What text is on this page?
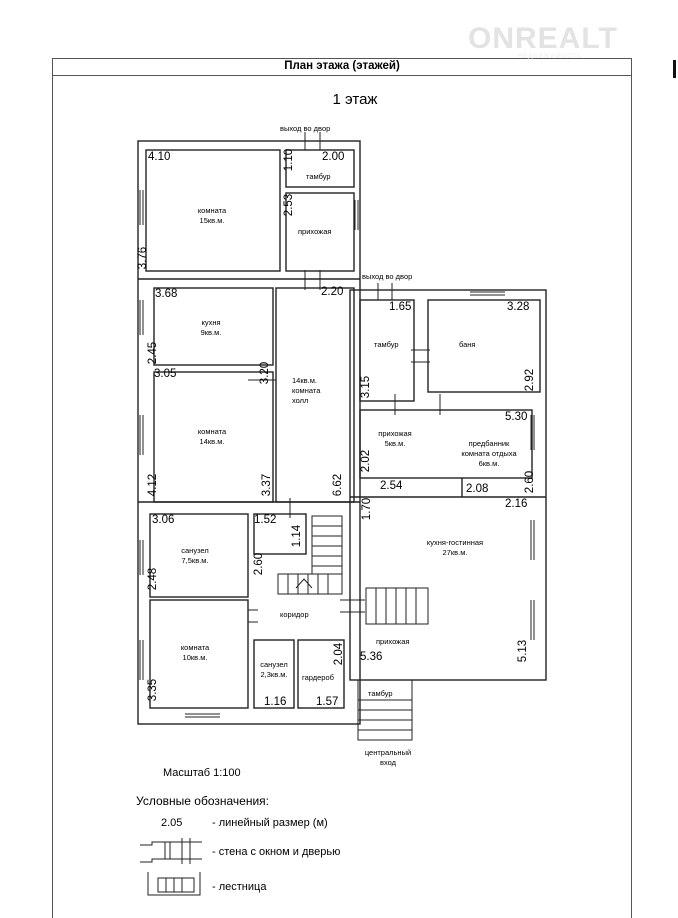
План этажа (этажей)
ONREALT
НЕДВИЖИМОСТЬ
1 этаж
выход во двор
выход во двор
центральный вход
комната
15кв.м.
тамбур
прихожая
кухня
9кв.м.
14кв.м.
комната
холл
комната
14кв.м.
тамбур	баня
прихожая
5кв.м.	предбанник
комната отдыха
6кв.м.
санузел
7,5кв.м.
коридор
кухня-гостинная
27кв.м.
комната
10кв.м.
санузел
2,3кв.м.	гардероб
прихожая
тамбур
4.10	2.00
2.20
3.68
3.05
1.65	3.28
5.30
2.54	2.08
2.16
3.06	1.52
5.36
1.16	1.57
3.76
1.10
2.53
2.45
3.20
4.12	3.37	6.62
3.15	2.92
2.02
2.60
1.70
1.14
2.48
2.60
3.35
2.04	5.13
Масштаб 1:100
Условные обозначения:
2.05	- линейный размер (м)
- стена с окном и дверью
- лестница
